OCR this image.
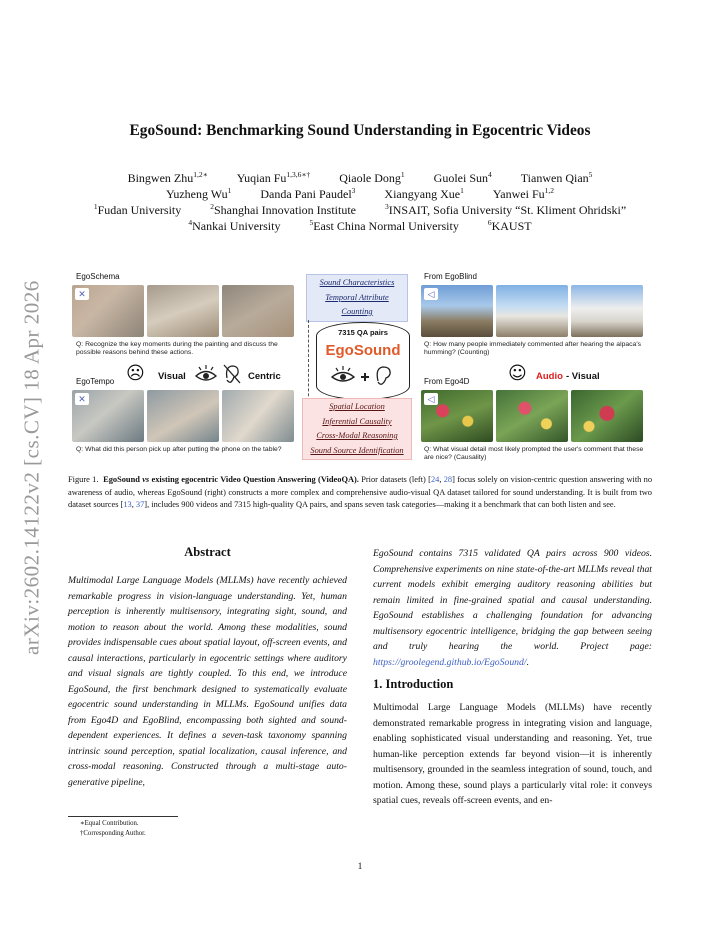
arXiv:2602.14122v2 [cs.CV] 18 Apr 2026
EgoSound: Benchmarking Sound Understanding in Egocentric Videos
Bingwen Zhu$^{1,2∗}$ Yuqian $Fu^{1,3,6∗\dagger}$ Qiaole Dong$^1$ Guolei Sun$^4$ Tianwen Qian$^5$
Yuzheng Wu$^1$ Danda Pani Paudel$^3$ Xiangyang Xue$^1$ Yanwei Fu$^{1,2}$
$^1$Fudan University	$^2$Shanghai Innovation Institute	$^3$INSAIT, Sofia University “St. Kliment Ohridski”
$^4$Nankai University	$^5$East China Normal University	$^6$KAUST
EgoSchema
✕
Q: Recognize the key moments during the painting and discuss the possible reasons behind these actions.
EgoTempo ☹ Visual	Centric
✕
Q: What did this person pick up after putting the phone on the table?
Sound Characteristics
Temporal Attribute
Counting
7315 QA pairs
EgoSound
Spatial Location
Inferential Causality
Cross-Modal Reasoning
Sound Source Identification
From EgoBlind
◁
Q: How many people immediately commented after hearing the alpaca's humming? (Counting)
From Ego4D ☺ Audio - Visual
◁
Q: What visual detail most likely prompted the user's comment that these are nice? (Causality)
Figure 1. EgoSound vs existing egocentric Video Question Answering (VideoQA). Prior datasets (left) [24, 28] focus solely on vision-centric question answering with no awareness of audio, whereas EgoSound (right) constructs a more complex and comprehensive audio-visual QA dataset tailored for sound understanding. It is built from two dataset sources [13, 37], includes 900 videos and 7315 high-quality QA pairs, and spans seven task categories—making it a benchmark that can both listen and see.
Abstract
Multimodal Large Language Models (MLLMs) have recently achieved remarkable progress in vision-language understanding. Yet, human perception is inherently multisensory, integrating sight, sound, and motion to reason about the world. Among these modalities, sound provides indispensable cues about spatial layout, off-screen events, and causal interactions, particularly in egocentric settings where auditory and visual signals are tightly coupled. To this end, we introduce EgoSound, the first benchmark designed to systematically evaluate egocentric sound understanding in MLLMs. EgoSound unifies data from Ego4D and EgoBlind, encompassing both sighted and sound-dependent experiences. It defines a seven-task taxonomy spanning intrinsic sound perception, spatial localization, causal inference, and cross-modal reasoning. Constructed through a multi-stage auto-generative pipeline,
EgoSound contains 7315 validated QA pairs across 900 videos. Comprehensive experiments on nine state-of-the-art MLLMs reveal that current models exhibit emerging auditory reasoning abilities but remain limited in fine-grained spatial and causal understanding. EgoSound establishes a challenging foundation for advancing multisensory egocentric intelligence, bridging the gap between seeing and truly hearing the world. Project page: https://groolegend.github.io/EgoSound/.
1. Introduction
Multimodal Large Language Models (MLLMs) have recently demonstrated remarkable progress in integrating vision and language, enabling sophisticated visual understanding and reasoning. Yet, true human-like perception extends far beyond vision—it is inherently multisensory, grounded in the seamless integration of sound, touch, and motion. Among these, sound plays a particularly vital role: it conveys spatial cues, reveals off-screen events, and en-
∗Equal Contribution.
†Corresponding Author.
1
